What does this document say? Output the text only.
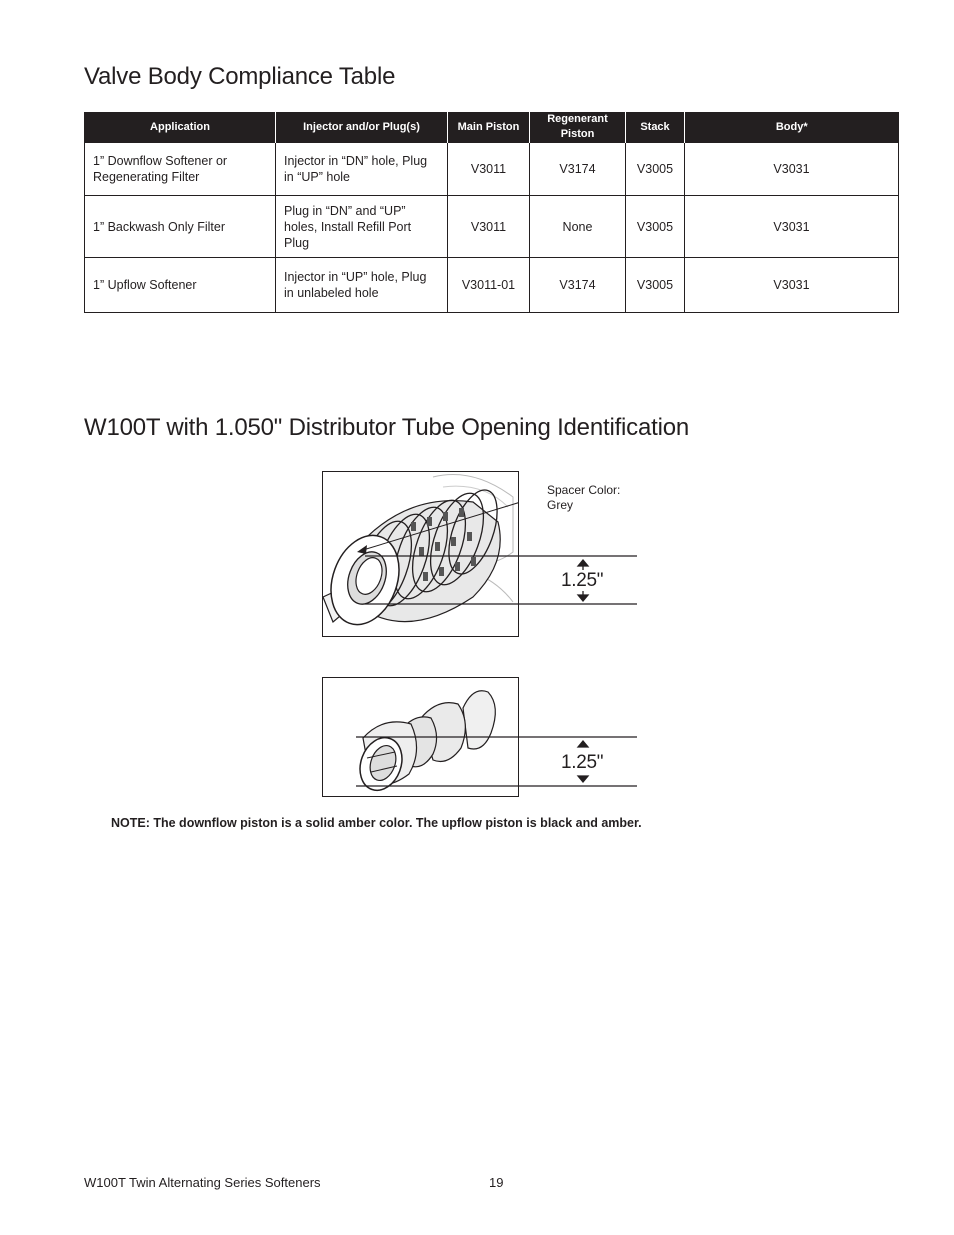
Valve Body Compliance Table
Application	Injector and/or Plug(s)	Main Piston	Regenerant Piston	Stack	Body*
1” Downflow Softener or Regenerating Filter	Injector in “DN” hole, Plug in “UP” hole	V3011	V3174	V3005	V3031
1” Backwash Only Filter	Plug in “DN” and “UP” holes, Install Refill Port Plug	V3011	None	V3005	V3031
1” Upflow Softener	Injector in “UP” hole, Plug in unlabeled hole	V3011-01	V3174	V3005	V3031
W100T with 1.050" Distributor Tube Opening Identification
Spacer Color: Grey
1.25"
1.25"

NOTE: The downflow piston is a solid amber color. The upflow piston is black and amber.

W100T Twin Alternating Series Softeners	19
